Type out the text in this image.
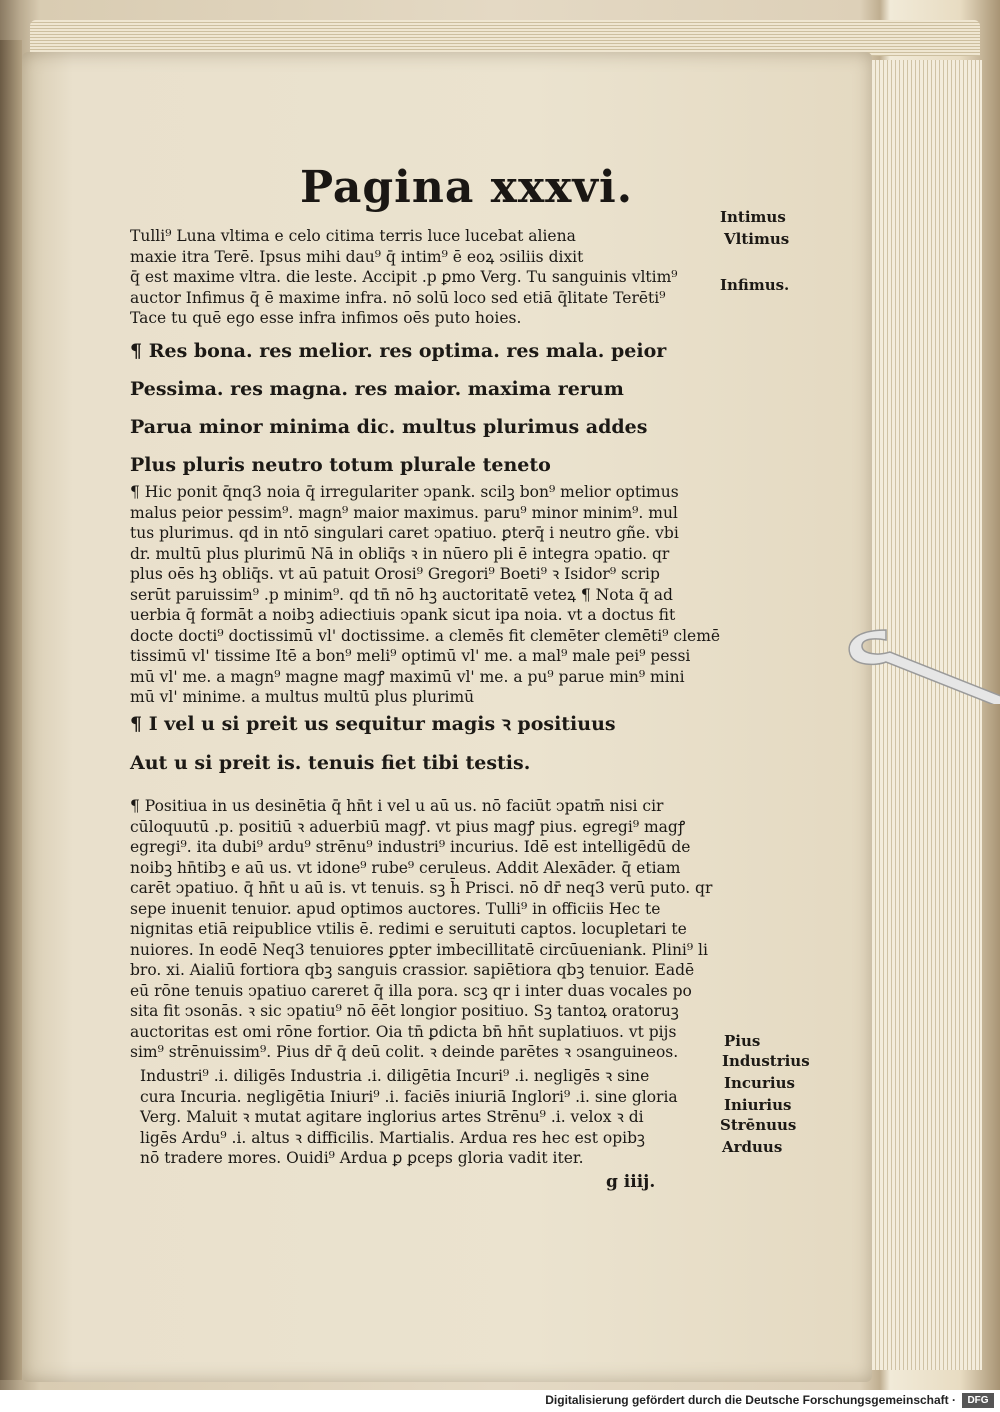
Pagina xxxvi.
Tulli⁹ Luna vltima e celo citima terris luce lucebat aliena
maxie itra Terē. Ipsus mihi dau⁹ q̄ intim⁹ ē eoꝝ ↄsiliis dixit
q̄ est maxime vltra. die leste. Accipit .p ꝑmo Verg. Tu sanguinis vltim⁹
auctor Infimus q̄ ē maxime infra. nō solū loco sed etiā q̄litate Terēti⁹
Tace tu quē ego esse infra infimos oēs puto hoies.
Intimus
Vltimus
Infimus.
¶ Res bona. res melior. res optima. res mala. peior
Pessima. res magna. res maior. maxima rerum
Parua minor minima dic. multus plurimus addes
Plus pluris neutro totum plurale teneto
¶ Hic ponit q̄nq3 noia q̄ irregulariter ↄpank. scilꝫ bon⁹ melior optimus
malus peior pessim⁹. magn⁹ maior maximus. paru⁹ minor minim⁹. mul
tus plurimus. qd in ntō singulari caret ↄpatiuo. ꝑterq̄ i neutro gñe. vbi
dr. multū plus plurimū Nā in obliq̄s ꝛ in nūero pli ē integra ↄpatio. qr
plus oēs hꝫ obliq̄s. vt aū patuit Orosi⁹ Gregori⁹ Boeti⁹ ꝛ Isidor⁹ scrip
serūt paruissim⁹ .p minim⁹. qd tn̄ nō hꝫ auctoritatē veteꝝ ¶ Nota q̄ ad
uerbia q̄ formāt a noibꝫ adiectiuis ↄpank sicut ipa noia. vt a doctus fit
docte docti⁹ doctissimū vl' doctissime. a clemēs fit clemēter clemēti⁹ clemē
tissimū vl' tissime Itē a bon⁹ meli⁹ optimū vl' me. a mal⁹ male pei⁹ pessi
mū vl' me. a magn⁹ magne magꝭ maximū vl' me. a pu⁹ parue min⁹ mini
mū vl' minime. a multus multū plus plurimū
¶ I vel u si preit us sequitur magis ꝛ positiuus
Aut u si preit is. tenuis fiet tibi testis.
¶ Positiua in us desinētia q̄ hn̄t i vel u aū us. nō faciūt ↄpatm̄ nisi cir
cūloquutū .p. positiū ꝛ aduerbiū magꝭ. vt pius magꝭ pius. egregi⁹ magꝭ
egregi⁹. ita dubi⁹ ardu⁹ strēnu⁹ industri⁹ incurius. Idē est intelligēdū de
noibꝫ hn̄tibꝫ e aū us. vt idone⁹ rube⁹ ceruleus. Addit Alexāder. q̄ etiam
carēt ↄpatiuo. q̄ hn̄t u aū is. vt tenuis. sꝫ h̄ Prisci. nō dr̄ neq3 verū puto. qr
sepe inuenit tenuior. apud optimos auctores. Tulli⁹ in officiis Hec te
nignitas etiā reipublice vtilis ē. redimi e seruituti captos. locupletari te
nuiores. In eodē Neq3 tenuiores ꝑpter imbecillitatē circūueniank. Plini⁹ li
bro. xi. Aialiū fortiora qbꝫ sanguis crassior. sapiētiora qbꝫ tenuior. Eadē
eū rōne tenuis ↄpatiuo careret q̄ illa pora. scꝫ qr i inter duas vocales po
sita fit ↄsonās. ꝛ sic ↄpatiu⁹ nō ēēt longior positiuo. Sꝫ tantoꝝ oratoruꝫ
auctoritas est omi rōne fortior. Oia tn̄ ꝑdicta bn̄ hn̄t suplatiuos. vt pijs
sim⁹ strēnuissim⁹. Pius dr̄ q̄ deū colit. ꝛ deinde parētes ꝛ ↄsanguineos.
Industri⁹ .i. diligēs Industria .i. diligētia Incuri⁹ .i. negligēs ꝛ sine
cura Incuria. negligētia Iniuri⁹ .i. faciēs iniuriā Inglori⁹ .i. sine gloria
Verg. Maluit ꝛ mutat agitare inglorius artes Strēnu⁹ .i. velox ꝛ di
ligēs Ardu⁹ .i. altus ꝛ difficilis. Martialis. Ardua res hec est opibꝫ
nō tradere mores. Ouidi⁹ Ardua ꝑ ꝑceps gloria vadit iter.
Pius
Industrius
Incurius
Iniurius
Strēnuus
Arduus
g iiij.
Digitalisierung gefördert durch die Deutsche Forschungsgemeinschaft ·	DFG
